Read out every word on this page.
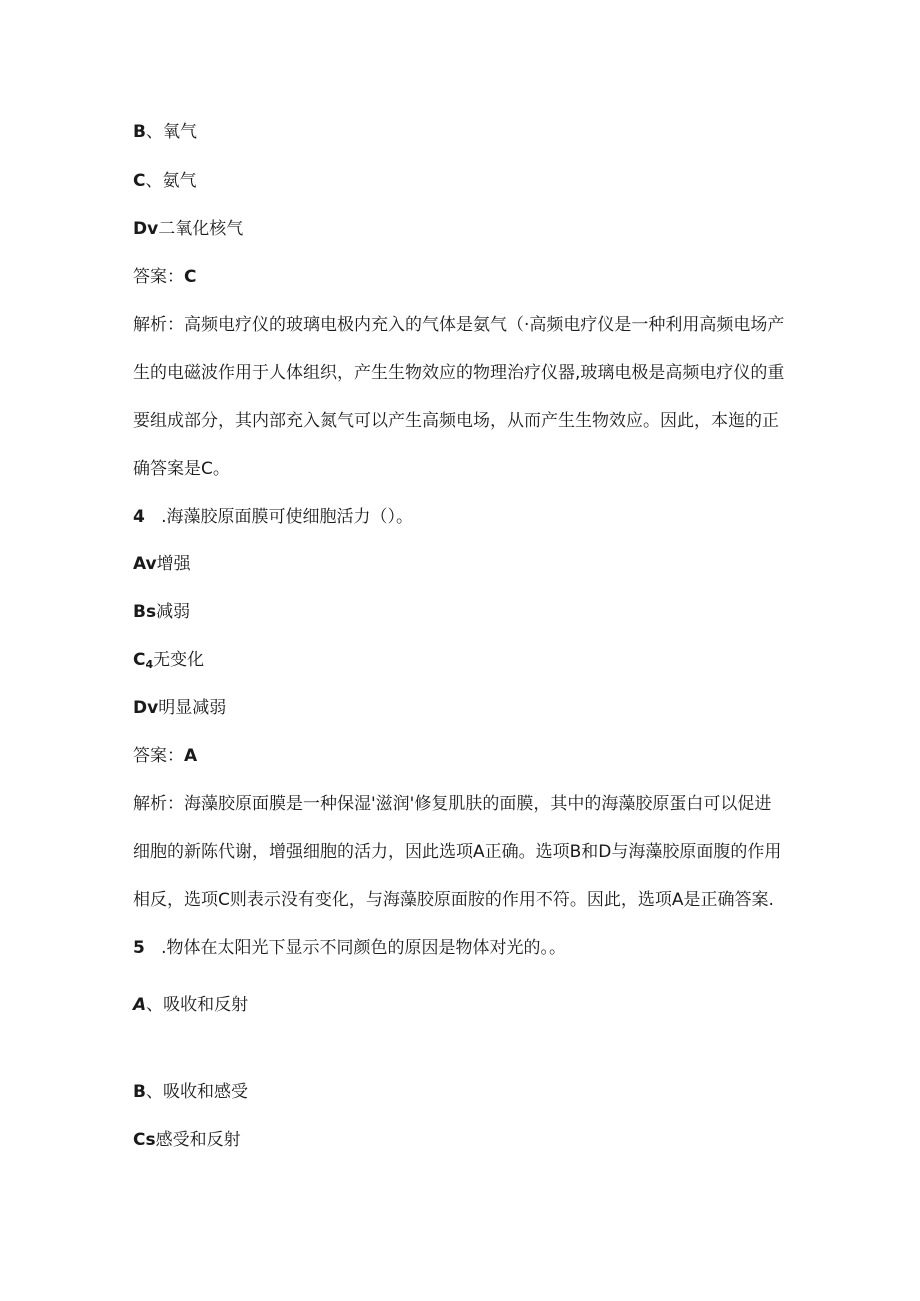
B、氧气

C、氨气

Dv二氧化核气

答案：C

解析：高频电疗仪的玻璃电极内充入的气体是氨气（·高频电疗仪是一种利用高频电场产

生的电磁波作用于人体组织，产生生物效应的物理治疗仪器,玻璃电极是高频电疗仪的重

要组成部分，其内部充入氮气可以产生高频电场，从而产生生物效应。因此，本迤的正

确答案是C。

4 .海藻胶原面膜可使细胞活力（）。

Av增强

Bs减弱

$C_4$无变化

Dv明显减弱

答案：A

解析：海藻胶原面膜是一种保湿'滋润'修复肌肤的面膜，其中的海藻胶原蛋白可以促进

细胞的新陈代谢，增强细胞的活力，因此选项A正确。选项B和D与海藻胶原面腹的作用

相反，选项C则表示没有变化，与海藻胶原面胺的作用不符。因此，选项A是正确答案.

5 .物体在太阳光下显示不同颜色的原因是物体对光的。。

A、吸收和反射

B、吸收和感受

Cs感受和反射
